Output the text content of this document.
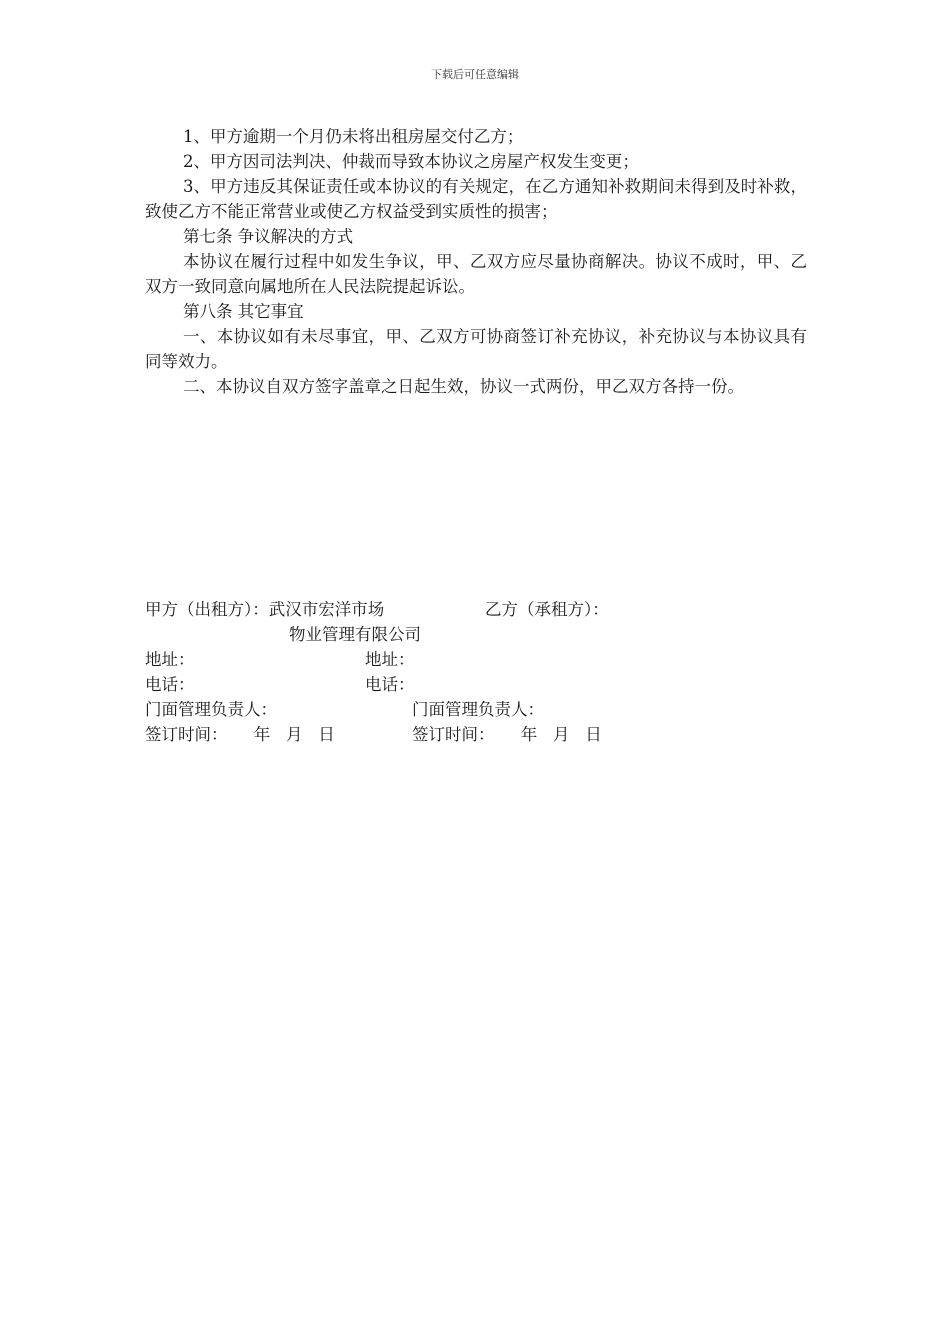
下载后可任意编辑

1、甲方逾期一个月仍未将出租房屋交付乙方；

2、甲方因司法判决、仲裁而导致本协议之房屋产权发生变更；

3、甲方违反其保证责任或本协议的有关规定，在乙方通知补救期间未得到及时补救，致使乙方不能正常营业或使乙方权益受到实质性的损害；

第七条 争议解决的方式

本协议在履行过程中如发生争议，甲、乙双方应尽量协商解决。协议不成时，甲、乙双方一致同意向属地所在人民法院提起诉讼。

第八条 其它事宜

一、本协议如有未尽事宜，甲、乙双方可协商签订补充协议，补充协议与本协议具有同等效力。

二、本协议自双方签字盖章之日起生效，协议一式两份，甲乙双方各持一份。

甲方（出租方）：武汉市宏洋市场	乙方（承租方）：
物业管理有限公司
地址：	地址：
电话：	电话：
门面管理负责人：	门面管理负责人：
签订时间：     年   月   日	签订时间：     年   月   日
